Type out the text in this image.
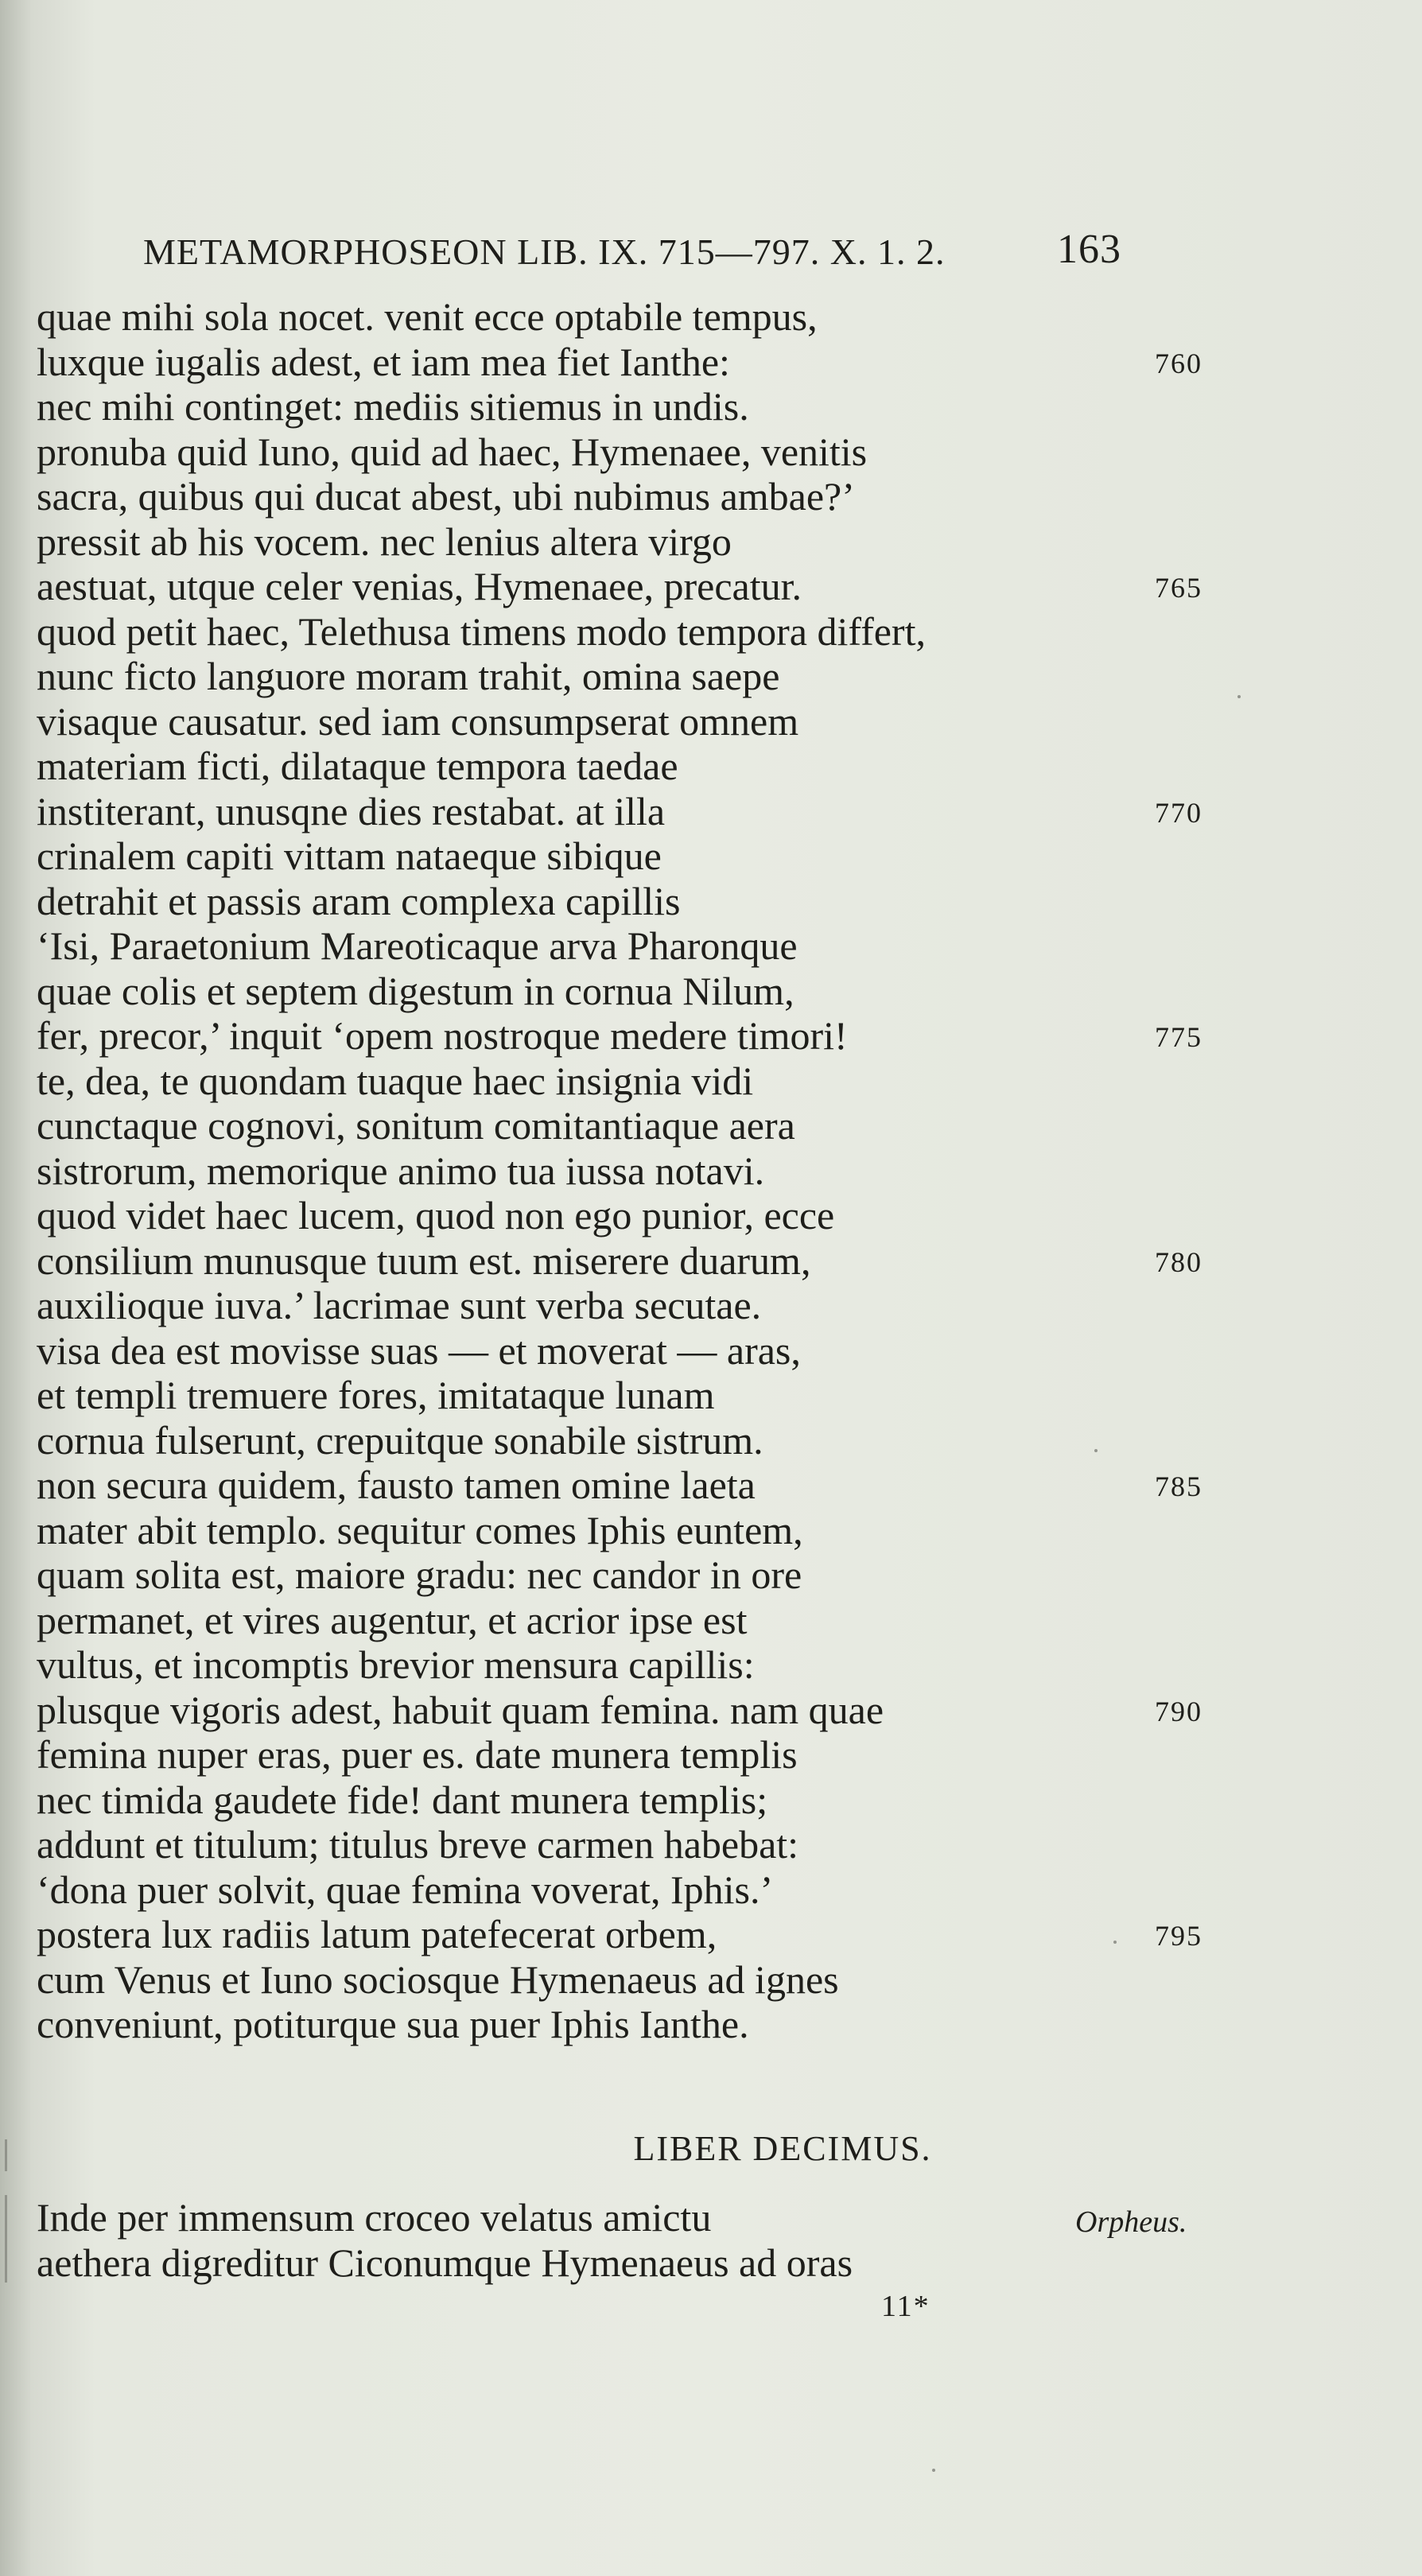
METAMORPHOSEON LIB. IX. 715—797. X. 1. 2.	163
quae mihi sola nocet. venit ecce optabile tempus,
luxque iugalis adest, et iam mea fiet Ianthe:	760
nec mihi continget: mediis sitiemus in undis.
pronuba quid Iuno, quid ad haec, Hymenaee, venitis
sacra, quibus qui ducat abest, ubi nubimus ambae?’
pressit ab his vocem. nec lenius altera virgo
aestuat, utque celer venias, Hymenaee, precatur.	765
quod petit haec, Telethusa timens modo tempora differt,
nunc ficto languore moram trahit, omina saepe
visaque causatur. sed iam consumpserat omnem
materiam ficti, dilataque tempora taedae
institerant, unusqne dies restabat. at illa	770
crinalem capiti vittam nataeque sibique
detrahit et passis aram complexa capillis
‘Isi, Paraetonium Mareoticaque arva Pharonque
quae colis et septem digestum in cornua Nilum,
fer, precor,’ inquit ‘opem nostroque medere timori!	775
te, dea, te quondam tuaque haec insignia vidi
cunctaque cognovi, sonitum comitantiaque aera
sistrorum, memorique animo tua iussa notavi.
quod videt haec lucem, quod non ego punior, ecce
consilium munusque tuum est. miserere duarum,	780
auxilioque iuva.’ lacrimae sunt verba secutae.
visa dea est movisse suas — et moverat — aras,
et templi tremuere fores, imitataque lunam
cornua fulserunt, crepuitque sonabile sistrum.
non secura quidem, fausto tamen omine laeta	785
mater abit templo. sequitur comes Iphis euntem,
quam solita est, maiore gradu: nec candor in ore
permanet, et vires augentur, et acrior ipse est
vultus, et incomptis brevior mensura capillis:
plusque vigoris adest, habuit quam femina. nam quae	790
femina nuper eras, puer es. date munera templis
nec timida gaudete fide! dant munera templis;
addunt et titulum; titulus breve carmen habebat:
‘dona puer solvit, quae femina voverat, Iphis.’
postera lux radiis latum patefecerat orbem,	795
cum Venus et Iuno sociosque Hymenaeus ad ignes
conveniunt, potiturque sua puer Iphis Ianthe.
LIBER DECIMUS.
Inde per immensum croceo velatus amictu	Orpheus.
aethera digreditur Ciconumque Hymenaeus ad oras
11*
